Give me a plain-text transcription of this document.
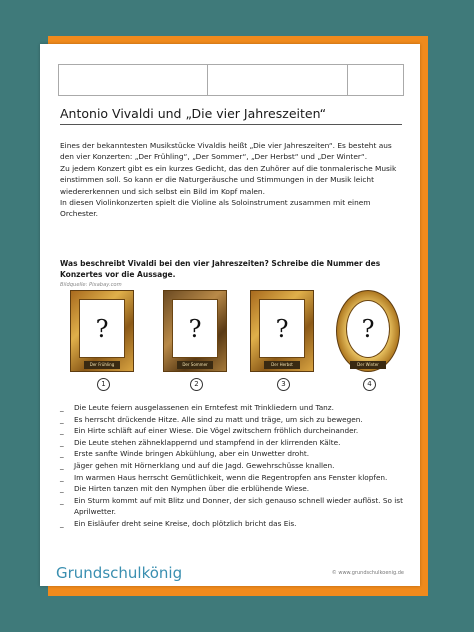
Antonio Vivaldi und „Die vier Jahreszeiten“

Eines der bekanntesten Musikstücke Vivaldis heißt „Die vier Jahreszeiten“. Es besteht aus den vier Konzerten: „Der Frühling“, „Der Sommer“, „Der Herbst“ und „Der Winter“.

Zu jedem Konzert gibt es ein kurzes Gedicht, das den Zuhörer auf die tonmalerische Musik einstimmen soll. So kann er die Naturgeräusche und Stimmungen in der Musik leicht wiedererkennen und sich selbst ein Bild im Kopf malen.

In diesen Violinkonzerten spielt die Violine als Soloinstrument zusammen mit einem Orchester.

Was beschreibt Vivaldi bei den vier Jahreszeiten? Schreibe die Nummer des Konzertes vor die Aussage.
Bildquelle: Pixabay.com
?
Der Frühling
1
?
Der Sommer
2
?
Der Herbst
3
?
Der Winter
4
_	Die Leute feiern ausgelassenen ein Erntefest mit Trinkliedern und Tanz.
_	Es herrscht drückende Hitze. Alle sind zu matt und träge, um sich zu bewegen.
_	Ein Hirte schläft auf einer Wiese. Die Vögel zwitschern fröhlich durcheinander.
_	Die Leute stehen zähneklappernd und stampfend in der klirrenden Kälte.
_	Erste sanfte Winde bringen Abkühlung, aber ein Unwetter droht.
_	Jäger gehen mit Hörnerklang und auf die Jagd. Gewehrschüsse knallen.
_	Im warmen Haus herrscht Gemütlichkeit, wenn die Regentropfen ans Fenster klopfen.
_	Die Hirten tanzen mit den Nymphen über die erblühende Wiese.
_	Ein Sturm kommt auf mit Blitz und Donner, der sich genauso schnell wieder auflöst. So ist Aprilwetter.
_	Ein Eisläufer dreht seine Kreise, doch plötzlich bricht das Eis.
Grundschulkönig	© www.grundschulkoenig.de
